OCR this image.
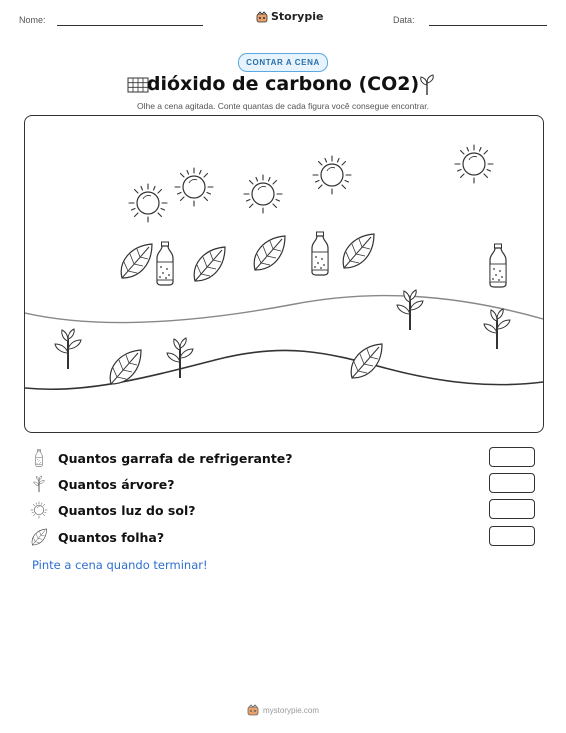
Nome:	Storypie	Data:
CONTAR A CENA
dióxido de carbono (CO2)
Olhe a cena agitada. Conte quantas de cada figura você consegue encontrar.
Quantos garrafa de refrigerante?
Quantos árvore?
Quantos luz do sol?
Quantos folha?
Pinte a cena quando terminar!
mystorypie.com
